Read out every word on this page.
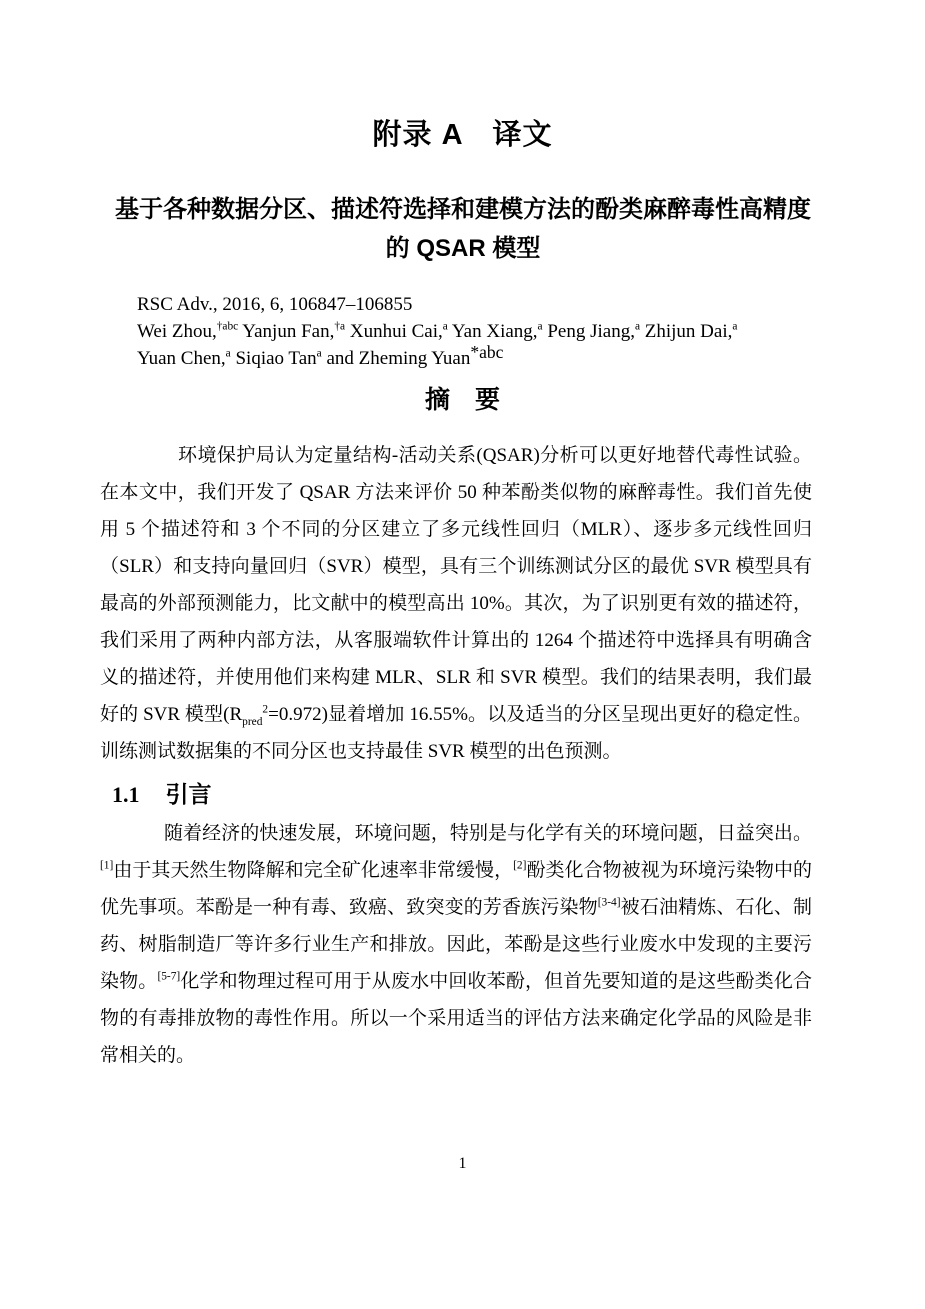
附录 A　译文
基于各种数据分区、描述符选择和建模方法的酚类麻醉毒性高精度的 QSAR 模型
RSC Adv., 2016, 6, 106847–106855
Wei Zhou,$^{\dagger abc}$ Yanjun Fan,$^{\dagger a}$ Xunhui Cai,$^a$ Yan Xiang,$^a$ Peng Jiang,$^a$ Zhijun Dai,$^a$
Yuan Chen,$^a$ Siqiao Tan$^a$ and Zheming Yuan*abc
摘　要
环境保护局认为定量结构-活动关系(QSAR)分析可以更好地替代毒性试验。在本文中，我们开发了 QSAR 方法来评价 50 种苯酚类似物的麻醉毒性。我们首先使用 5 个描述符和 3 个不同的分区建立了多元线性回归（MLR）、逐步多元线性回归（SLR）和支持向量回归（SVR）模型，具有三个训练测试分区的最优 SVR 模型具有最高的外部预测能力，比文献中的模型高出 10%。其次，为了识别更有效的描述符，我们采用了两种内部方法，从客服端软件计算出的 1264 个描述符中选择具有明确含义的描述符，并使用他们来构建 MLR、SLR 和 SVR 模型。我们的结果表明，我们最好的 SVR 模型$(R_{pred}^2=0.972)$显着增加 16.55%。以及适当的分区呈现出更好的稳定性。训练测试数据集的不同分区也支持最佳 SVR 模型的出色预测。
1.1 引言
随着经济的快速发展，环境问题，特别是与化学有关的环境问题，日益突出。[1]由于其天然生物降解和完全矿化速率非常缓慢，[2]酚类化合物被视为环境污染物中的优先事项。苯酚是一种有毒、致癌、致突变的芳香族污染物[3-4]被石油精炼、石化、制药、树脂制造厂等许多行业生产和排放。因此，苯酚是这些行业废水中发现的主要污染物。[5-7]化学和物理过程可用于从废水中回收苯酚，但首先要知道的是这些酚类化合物的有毒排放物的毒性作用。所以一个采用适当的评估方法来确定化学品的风险是非常相关的。
1
